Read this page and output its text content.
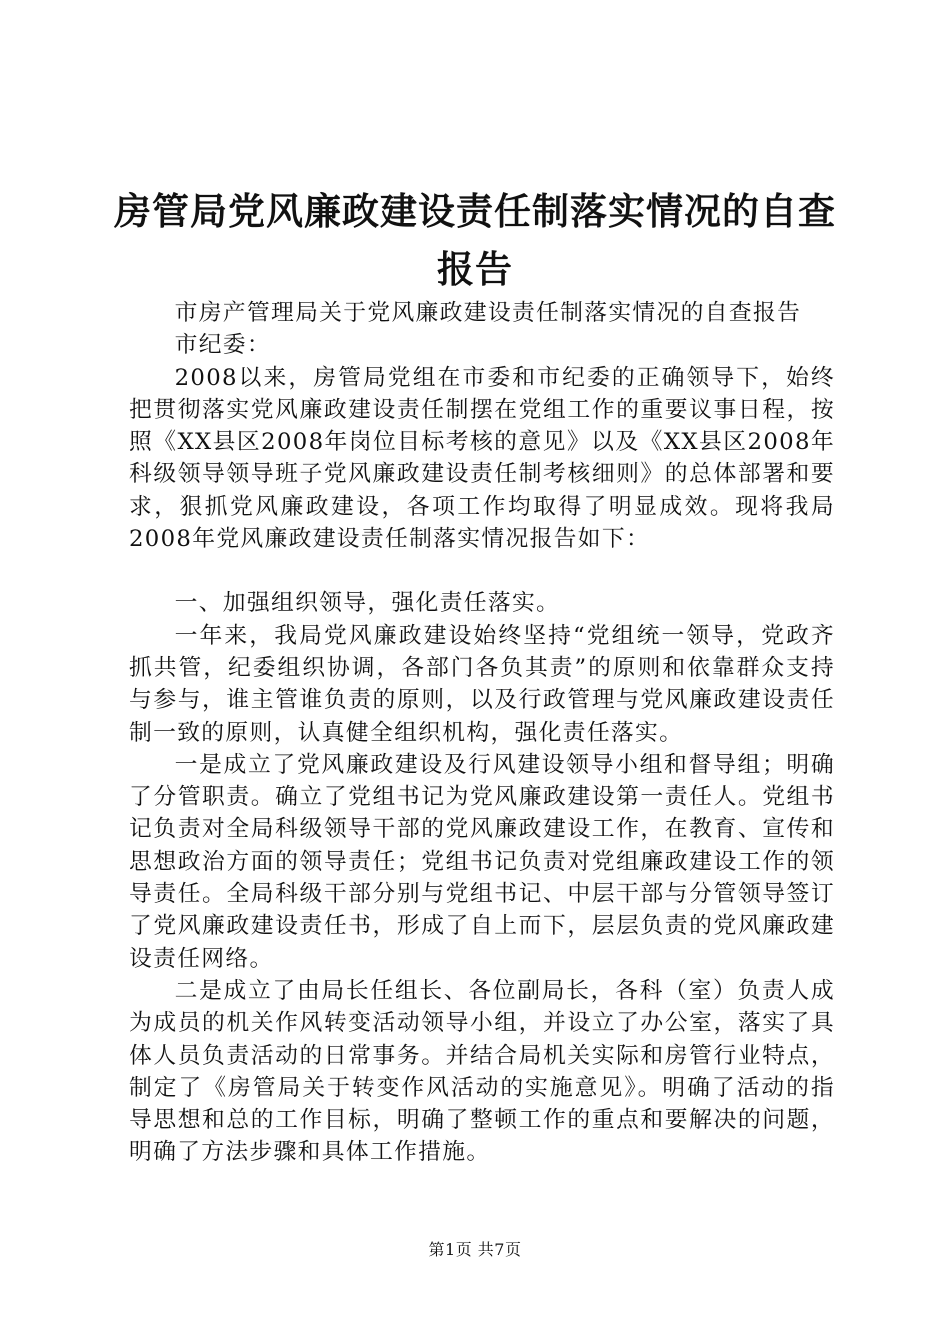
房管局党风廉政建设责任制落实情况的自查报告

市房产管理局关于党风廉政建设责任制落实情况的自查报告

市纪委：

2008以来，房管局党组在市委和市纪委的正确领导下，始终把贯彻落实党风廉政建设责任制摆在党组工作的重要议事日程，按照《XX县区2008年岗位目标考核的意见》以及《XX县区2008年科级领导领导班子党风廉政建设责任制考核细则》的总体部署和要求，狠抓党风廉政建设，各项工作均取得了明显成效。现将我局2008年党风廉政建设责任制落实情况报告如下：

一、加强组织领导，强化责任落实。

一年来，我局党风廉政建设始终坚持“党组统一领导，党政齐抓共管，纪委组织协调，各部门各负其责”的原则和依靠群众支持与参与，谁主管谁负责的原则，以及行政管理与党风廉政建设责任制一致的原则，认真健全组织机构，强化责任落实。

一是成立了党风廉政建设及行风建设领导小组和督导组；明确了分管职责。确立了党组书记为党风廉政建设第一责任人。党组书记负责对全局科级领导干部的党风廉政建设工作，在教育、宣传和思想政治方面的领导责任；党组书记负责对党组廉政建设工作的领导责任。全局科级干部分别与党组书记、中层干部与分管领导签订了党风廉政建设责任书，形成了自上而下，层层负责的党风廉政建设责任网络。

二是成立了由局长任组长、各位副局长，各科（室）负责人成为成员的机关作风转变活动领导小组，并设立了办公室，落实了具体人员负责活动的日常事务。并结合局机关实际和房管行业特点，制定了《房管局关于转变作风活动的实施意见》。明确了活动的指导思想和总的工作目标，明确了整顿工作的重点和要解决的问题，明确了方法步骤和具体工作措施。

第1页 共7页
